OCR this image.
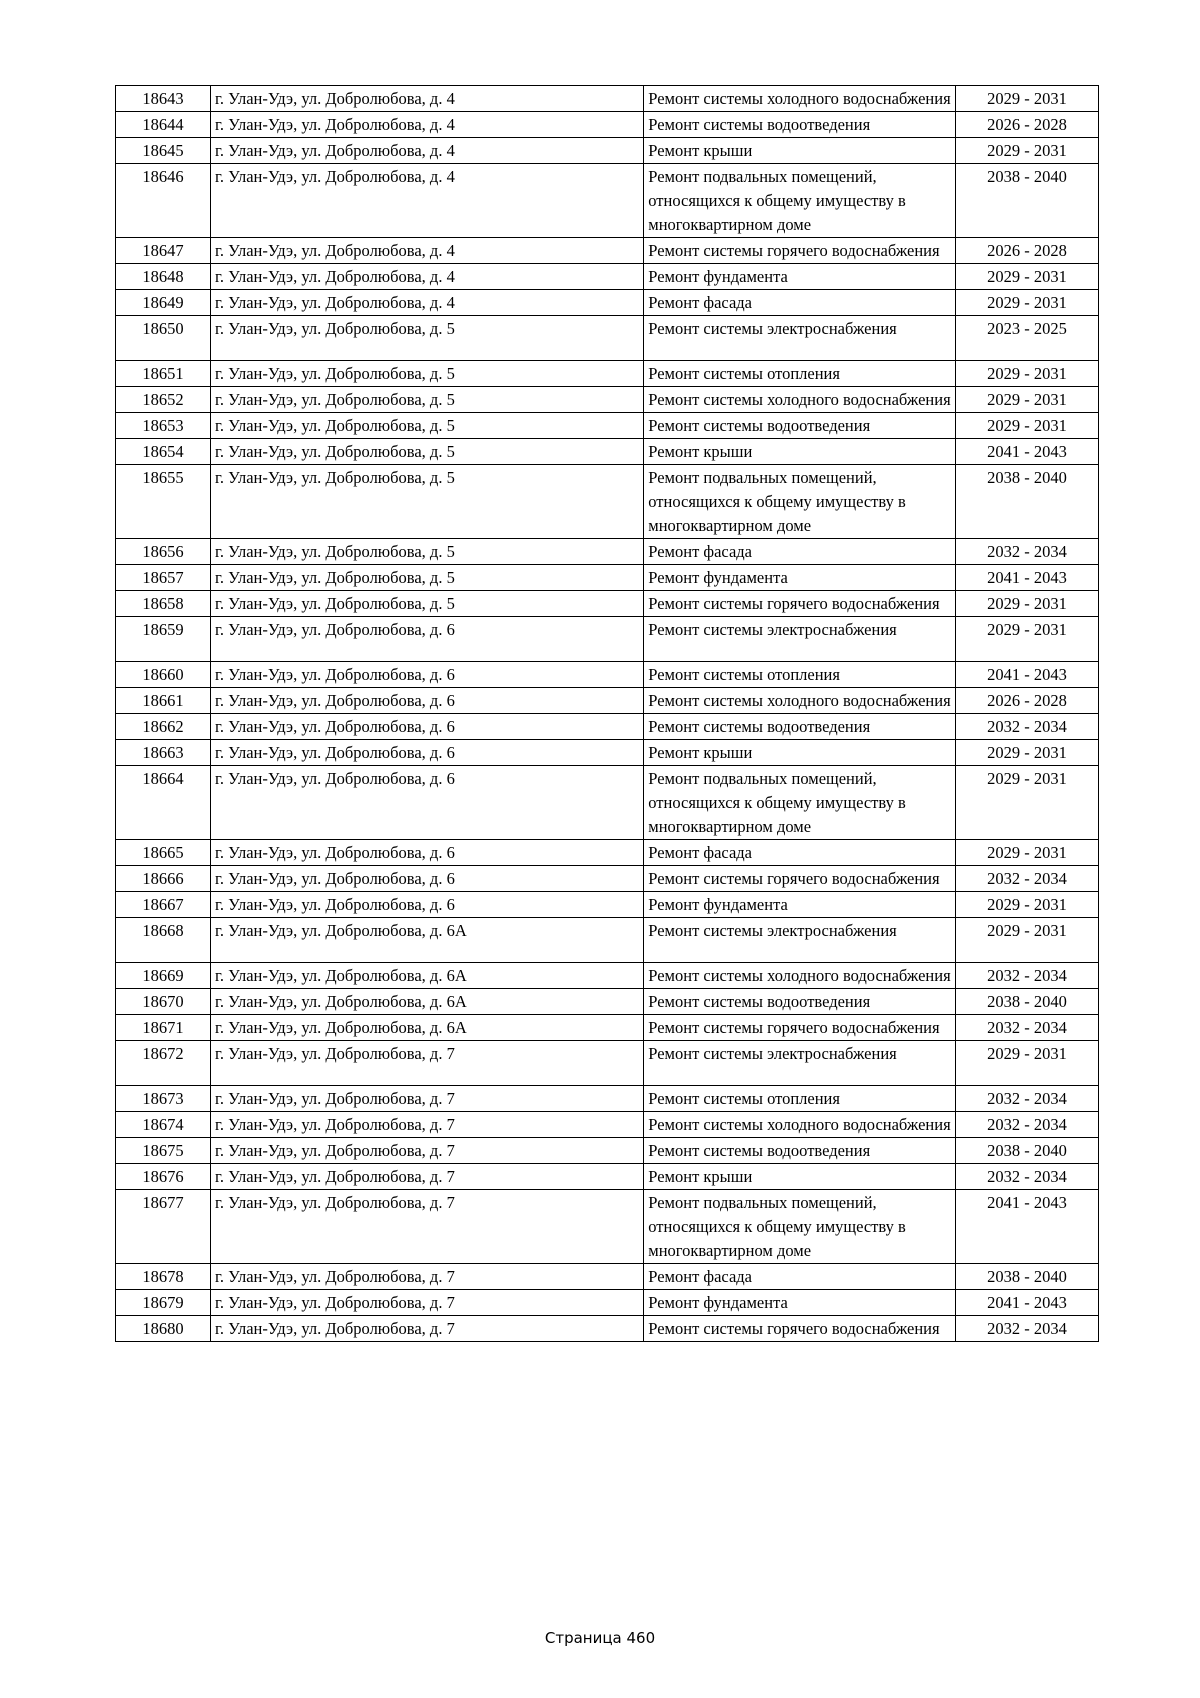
18643	г. Улан-Удэ, ул. Добролюбова, д. 4	Ремонт системы холодного водоснабжения	2029 - 2031
18644	г. Улан-Удэ, ул. Добролюбова, д. 4	Ремонт системы водоотведения	2026 - 2028
18645	г. Улан-Удэ, ул. Добролюбова, д. 4	Ремонт крыши	2029 - 2031
18646	г. Улан-Удэ, ул. Добролюбова, д. 4	Ремонт подвальных помещений, относящихся к общему имуществу в многоквартирном доме	2038 - 2040
18647	г. Улан-Удэ, ул. Добролюбова, д. 4	Ремонт системы горячего водоснабжения	2026 - 2028
18648	г. Улан-Удэ, ул. Добролюбова, д. 4	Ремонт фундамента	2029 - 2031
18649	г. Улан-Удэ, ул. Добролюбова, д. 4	Ремонт фасада	2029 - 2031
18650	г. Улан-Удэ, ул. Добролюбова, д. 5	Ремонт системы электроснабжения	2023 - 2025
18651	г. Улан-Удэ, ул. Добролюбова, д. 5	Ремонт системы отопления	2029 - 2031
18652	г. Улан-Удэ, ул. Добролюбова, д. 5	Ремонт системы холодного водоснабжения	2029 - 2031
18653	г. Улан-Удэ, ул. Добролюбова, д. 5	Ремонт системы водоотведения	2029 - 2031
18654	г. Улан-Удэ, ул. Добролюбова, д. 5	Ремонт крыши	2041 - 2043
18655	г. Улан-Удэ, ул. Добролюбова, д. 5	Ремонт подвальных помещений, относящихся к общему имуществу в многоквартирном доме	2038 - 2040
18656	г. Улан-Удэ, ул. Добролюбова, д. 5	Ремонт фасада	2032 - 2034
18657	г. Улан-Удэ, ул. Добролюбова, д. 5	Ремонт фундамента	2041 - 2043
18658	г. Улан-Удэ, ул. Добролюбова, д. 5	Ремонт системы горячего водоснабжения	2029 - 2031
18659	г. Улан-Удэ, ул. Добролюбова, д. 6	Ремонт системы электроснабжения	2029 - 2031
18660	г. Улан-Удэ, ул. Добролюбова, д. 6	Ремонт системы отопления	2041 - 2043
18661	г. Улан-Удэ, ул. Добролюбова, д. 6	Ремонт системы холодного водоснабжения	2026 - 2028
18662	г. Улан-Удэ, ул. Добролюбова, д. 6	Ремонт системы водоотведения	2032 - 2034
18663	г. Улан-Удэ, ул. Добролюбова, д. 6	Ремонт крыши	2029 - 2031
18664	г. Улан-Удэ, ул. Добролюбова, д. 6	Ремонт подвальных помещений, относящихся к общему имуществу в многоквартирном доме	2029 - 2031
18665	г. Улан-Удэ, ул. Добролюбова, д. 6	Ремонт фасада	2029 - 2031
18666	г. Улан-Удэ, ул. Добролюбова, д. 6	Ремонт системы горячего водоснабжения	2032 - 2034
18667	г. Улан-Удэ, ул. Добролюбова, д. 6	Ремонт фундамента	2029 - 2031
18668	г. Улан-Удэ, ул. Добролюбова, д. 6А	Ремонт системы электроснабжения	2029 - 2031
18669	г. Улан-Удэ, ул. Добролюбова, д. 6А	Ремонт системы холодного водоснабжения	2032 - 2034
18670	г. Улан-Удэ, ул. Добролюбова, д. 6А	Ремонт системы водоотведения	2038 - 2040
18671	г. Улан-Удэ, ул. Добролюбова, д. 6А	Ремонт системы горячего водоснабжения	2032 - 2034
18672	г. Улан-Удэ, ул. Добролюбова, д. 7	Ремонт системы электроснабжения	2029 - 2031
18673	г. Улан-Удэ, ул. Добролюбова, д. 7	Ремонт системы отопления	2032 - 2034
18674	г. Улан-Удэ, ул. Добролюбова, д. 7	Ремонт системы холодного водоснабжения	2032 - 2034
18675	г. Улан-Удэ, ул. Добролюбова, д. 7	Ремонт системы водоотведения	2038 - 2040
18676	г. Улан-Удэ, ул. Добролюбова, д. 7	Ремонт крыши	2032 - 2034
18677	г. Улан-Удэ, ул. Добролюбова, д. 7	Ремонт подвальных помещений, относящихся к общему имуществу в многоквартирном доме	2041 - 2043
18678	г. Улан-Удэ, ул. Добролюбова, д. 7	Ремонт фасада	2038 - 2040
18679	г. Улан-Удэ, ул. Добролюбова, д. 7	Ремонт фундамента	2041 - 2043
18680	г. Улан-Удэ, ул. Добролюбова, д. 7	Ремонт системы горячего водоснабжения	2032 - 2034
Страница 460
